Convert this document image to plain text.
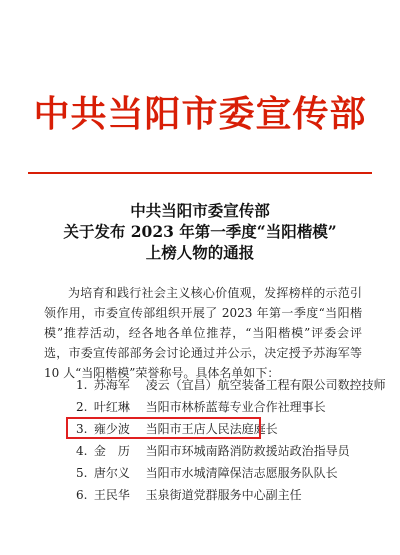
中共当阳市委宣传部
中共当阳市委宣传部
关于发布 2023 年第一季度“当阳楷模”
上榜人物的通报

为培育和践行社会主义核心价值观，发挥榜样的示范引领作用，市委宣传部组织开展了 2023 年第一季度“当阳楷模”推荐活动，经各地各单位推荐，“当阳楷模”评委会评选，市委宣传部部务会讨论通过并公示，决定授予苏海军等 10 人“当阳楷模”荣誉称号。具体名单如下：

1. 苏海军 凌云（宜昌）航空装备工程有限公司数控技师
2. 叶红琳 当阳市林桥蓝莓专业合作社理事长
3. 雍少波 当阳市王店人民法庭庭长
4. 金　历 当阳市环城南路消防救援站政治指导员
5. 唐尔义 当阳市水城清障保洁志愿服务队队长
6. 王民华 玉泉街道党群服务中心副主任
